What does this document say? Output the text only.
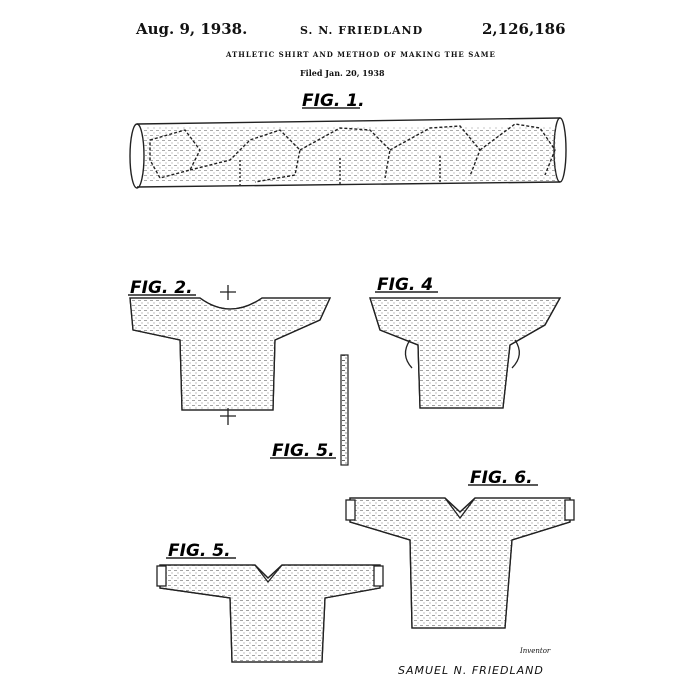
Aug. 9, 1938.	S. N. FRIEDLAND	2,126,186
ATHLETIC SHIRT AND METHOD OF MAKING THE SAME
Filed Jan. 20, 1938
FIG. 1.
FIG. 2.	FIG. 4
FIG. 5.
FIG. 6.
FIG. 5.
Inventor
SAMUEL N. FRIEDLAND
